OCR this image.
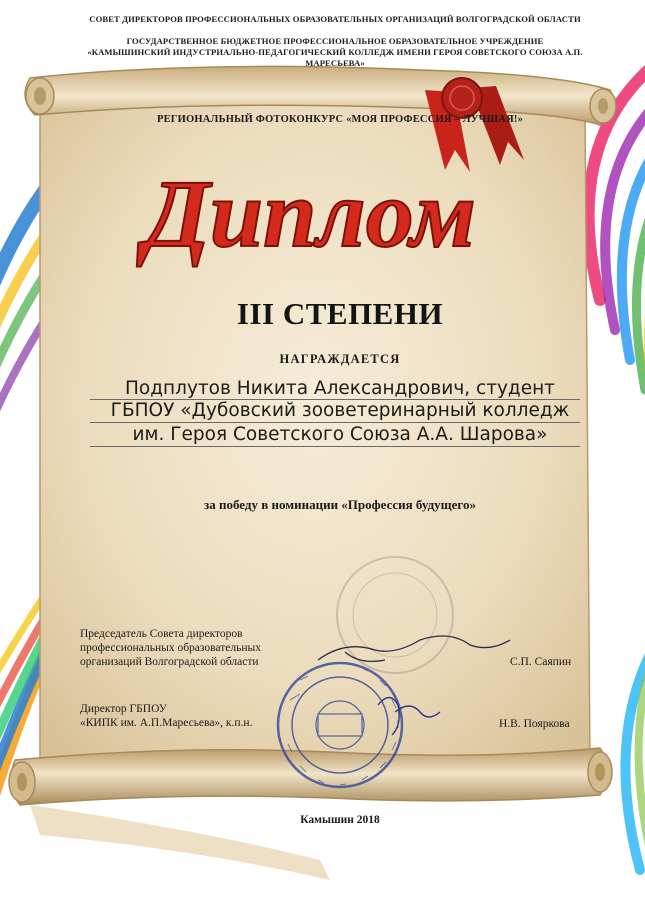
СОВЕТ ДИРЕКТОРОВ ПРОФЕССИОНАЛЬНЫХ ОБРАЗОВАТЕЛЬНЫХ ОРГАНИЗАЦИЙ ВОЛГОГРАДСКОЙ ОБЛАСТИ
ГОСУДАРСТВЕННОЕ БЮДЖЕТНОЕ ПРОФЕССИОНАЛЬНОЕ ОБРАЗОВАТЕЛЬНОЕ УЧРЕЖДЕНИЕ
«КАМЫШИНСКИЙ ИНДУСТРИАЛЬНО-ПЕДАГОГИЧЕСКИЙ КОЛЛЕДЖ ИМЕНИ ГЕРОЯ СОВЕТСКОГО СОЮЗА А.П.
МАРЕСЬЕВА»
РЕГИОНАЛЬНЫЙ ФОТОКОНКУРС «МОЯ ПРОФЕССИЯ – ЛУЧШАЯ!»
Диплом
III СТЕПЕНИ
НАГРАЖДАЕТСЯ
Подплутов Никита Александрович, студент
ГБПОУ «Дубовский зооветеринарный колледж
им. Героя Советского Союза А.А. Шарова»
за победу в номинации «Профессия будущего»
Председатель Совета директоров
профессиональных образовательных
организаций Волгоградской области	С.П. Саяпин
Директор ГБПОУ
«КИПК им. А.П.Маресьева», к.п.н.	Н.В. Пояркова
Камышин 2018
